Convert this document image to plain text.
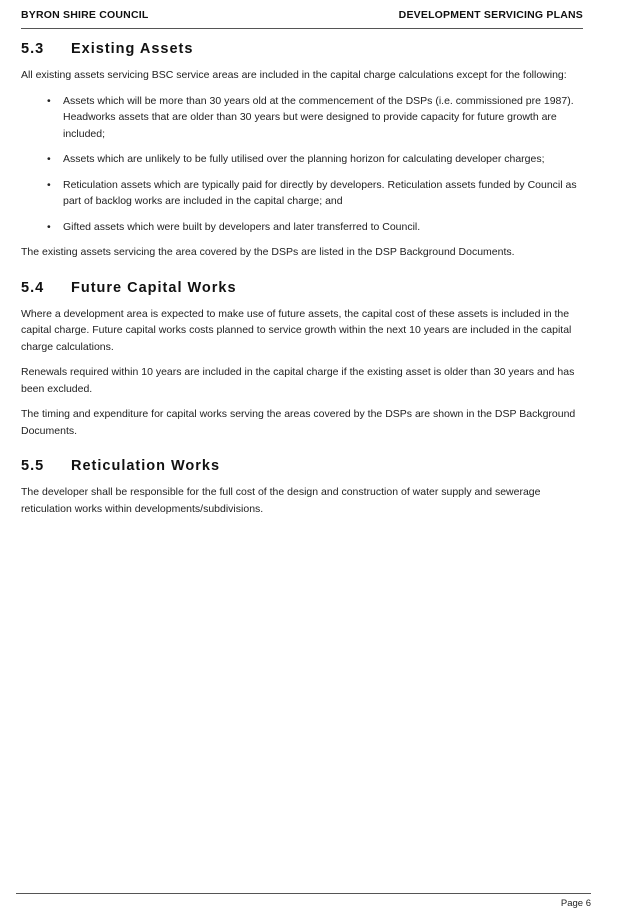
BYRON SHIRE COUNCIL	DEVELOPMENT SERVICING PLANS
5.3	Existing Assets

All existing assets servicing BSC service areas are included in the capital charge calculations except for the following:

• Assets which will be more than 30 years old at the commencement of the DSPs (i.e. commissioned pre 1987). Headworks assets that are older than 30 years but were designed to provide capacity for future growth are included;
• Assets which are unlikely to be fully utilised over the planning horizon for calculating developer charges;
• Reticulation assets which are typically paid for directly by developers. Reticulation assets funded by Council as part of backlog works are included in the capital charge; and
• Gifted assets which were built by developers and later transferred to Council.

The existing assets servicing the area covered by the DSPs are listed in the DSP Background Documents.

5.4	Future Capital Works

Where a development area is expected to make use of future assets, the capital cost of these assets is included in the capital charge. Future capital works costs planned to service growth within the next 10 years are included in the capital charge calculations.

Renewals required within 10 years are included in the capital charge if the existing asset is older than 30 years and has been excluded.

The timing and expenditure for capital works serving the areas covered by the DSPs are shown in the DSP Background Documents.

5.5	Reticulation Works

The developer shall be responsible for the full cost of the design and construction of water supply and sewerage reticulation works within developments/subdivisions.

Page 6
